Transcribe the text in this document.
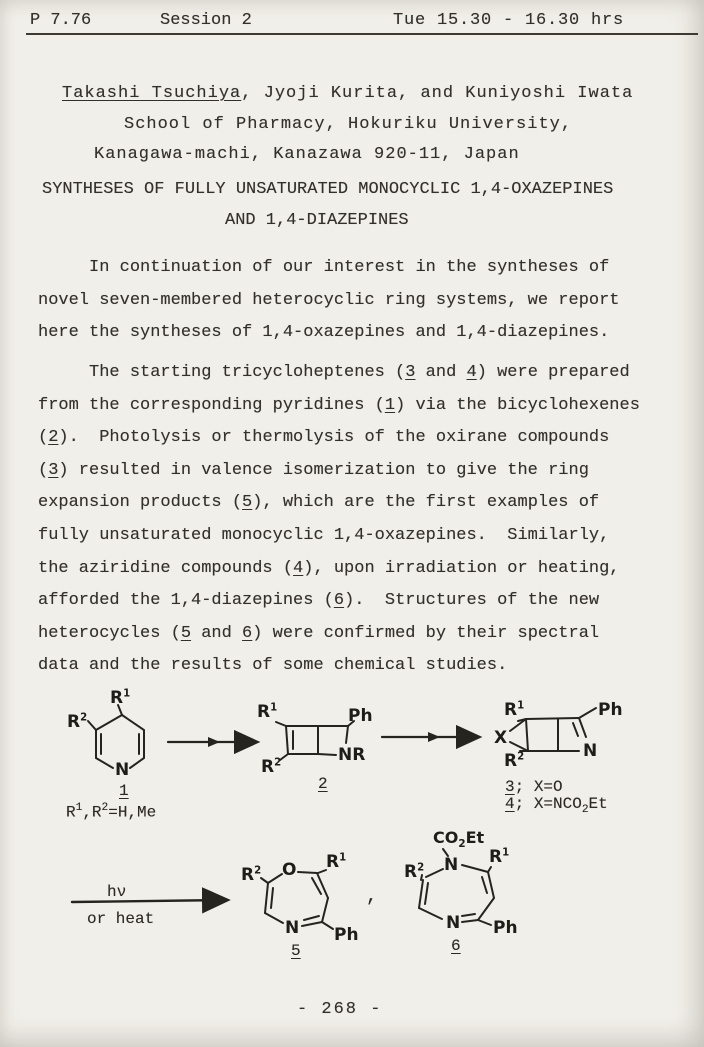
P 7.76	Session 2	Tue 15.30 - 16.30 hrs
Takashi Tsuchiya, Jyoji Kurita, and Kuniyoshi Iwata
School of Pharmacy, Hokuriku University,
Kanagawa-machi, Kanazawa 920-11, Japan
SYNTHESES OF FULLY UNSATURATED MONOCYCLIC 1,4-OXAZEPINES
AND 1,4-DIAZEPINES
In continuation of our interest in the syntheses of
novel seven-membered heterocyclic ring systems, we report
here the syntheses of 1,4-oxazepines and 1,4-diazepines.
The starting tricycloheptenes (3 and 4) were prepared
from the corresponding pyridines (1) via the bicyclohexenes
(2).  Photolysis or thermolysis of the oxirane compounds
(3) resulted in valence isomerization to give the ring
expansion products (5), which are the first examples of
fully unsaturated monocyclic 1,4-oxazepines.  Similarly,
the aziridine compounds (4), upon irradiation or heating,
afforded the 1,4-diazepines (6).  Structures of the new
heterocycles (5 and 6) were confirmed by their spectral
data and the results of some chemical studies.
$R^1$
$R^2$
N
1
$R^1,R^2=H,Me$
$R^1$	Ph
$R^2$	NR
2
$R^1$	Ph
X
$R^2$	N
3; X=O
4; $X=NCO_2Et$
hν
or heat
$R^2$ O $R^1$
N Ph
5
,
$CO_2Et$
N
$R^2$
$R^1$
N Ph
6
- 268 -
